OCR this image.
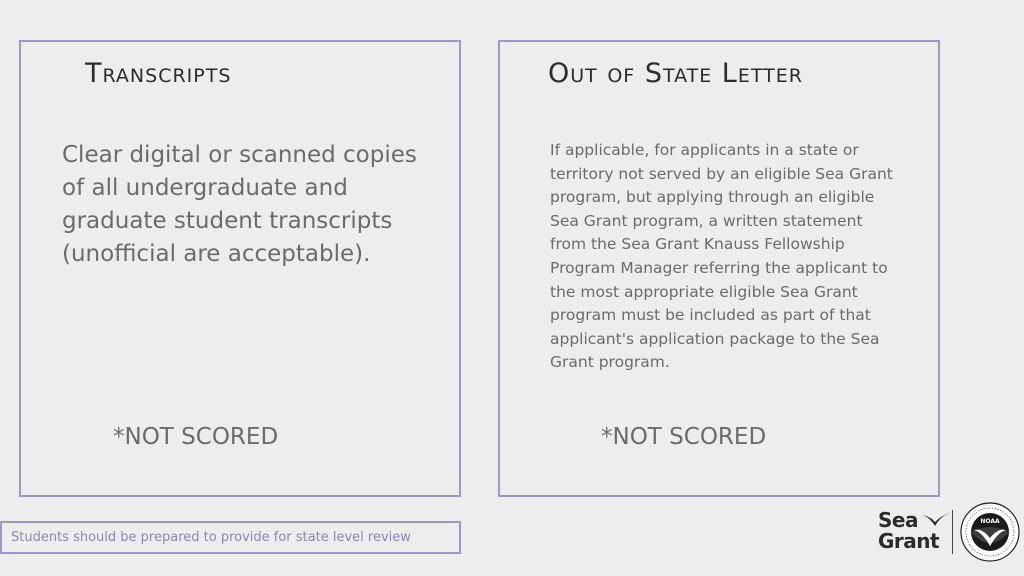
Transcripts
Clear digital or scanned copies of all undergraduate and graduate student transcripts (unofficial are acceptable).
*NOT SCORED
Out of State Letter
If applicable, for applicants in a state or territory not served by an eligible Sea Grant program, but applying through an eligible Sea Grant program, a written statement from the Sea Grant Knauss Fellowship Program Manager referring the applicant to the most appropriate eligible Sea Grant program must be included as part of that applicant's application package to the Sea Grant program.
*NOT SCORED
Students should be prepared to provide for state level review
Sea
Grant
NOAA
